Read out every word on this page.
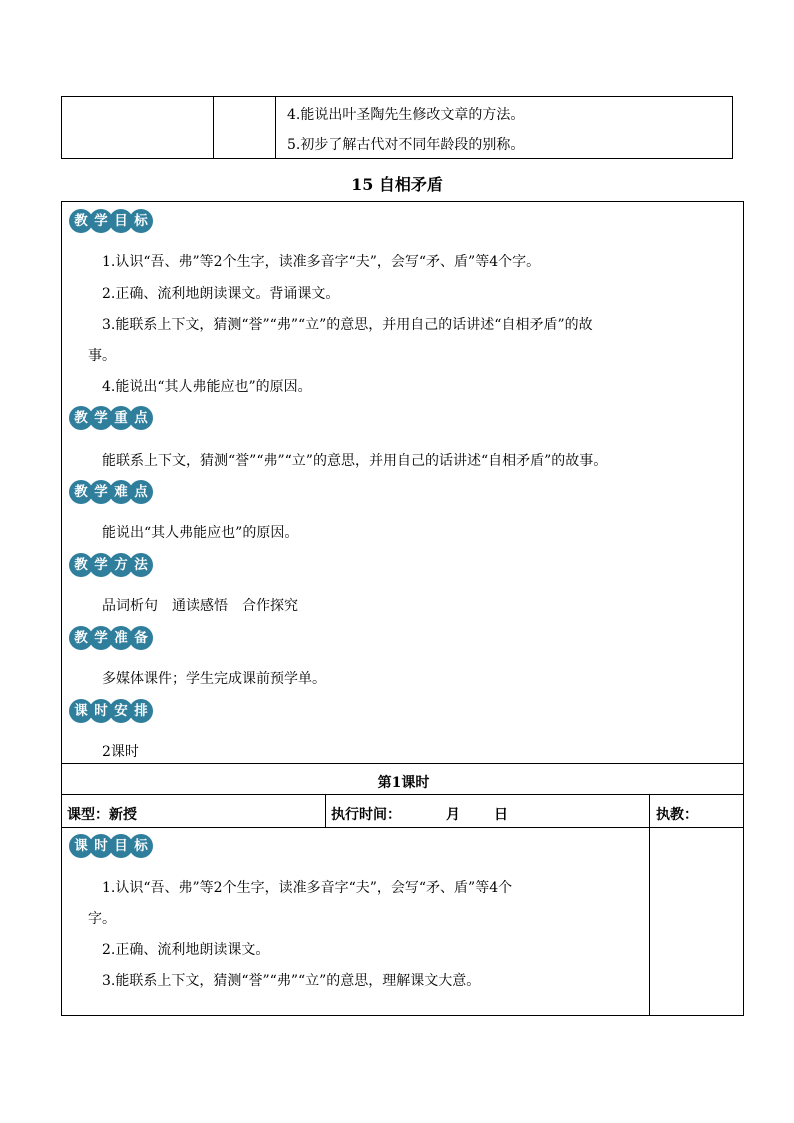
4.能说出叶圣陶先生修改文章的方法。
5.初步了解古代对不同年龄段的别称。
15 自相矛盾
教 学 目 标
1.认识“吾、弗”等2个生字，读准多音字“夫”，会写“矛、盾”等4个字。
2.正确、流利地朗读课文。背诵课文。
3.能联系上下文，猜测“誉”“弗”“立”的意思，并用自己的话讲述“自相矛盾”的故
事。
4.能说出“其人弗能应也”的原因。
教 学 重 点
能联系上下文，猜测“誉”“弗”“立”的意思，并用自己的话讲述“自相矛盾”的故事。
教 学 难 点
能说出“其人弗能应也”的原因。
教 学 方 法
品词析句　通读感悟　合作探究
教 学 准 备
多媒体课件；学生完成课前预学单。
课 时 安 排
2课时
第1课时
课型：新授	执行时间：	月 日	执教：
课 时 目 标
1.认识“吾、弗”等2个生字，读准多音字“夫”，会写“矛、盾”等4个
字。
2.正确、流利地朗读课文。
3.能联系上下文，猜测“誉”“弗”“立”的意思，理解课文大意。
